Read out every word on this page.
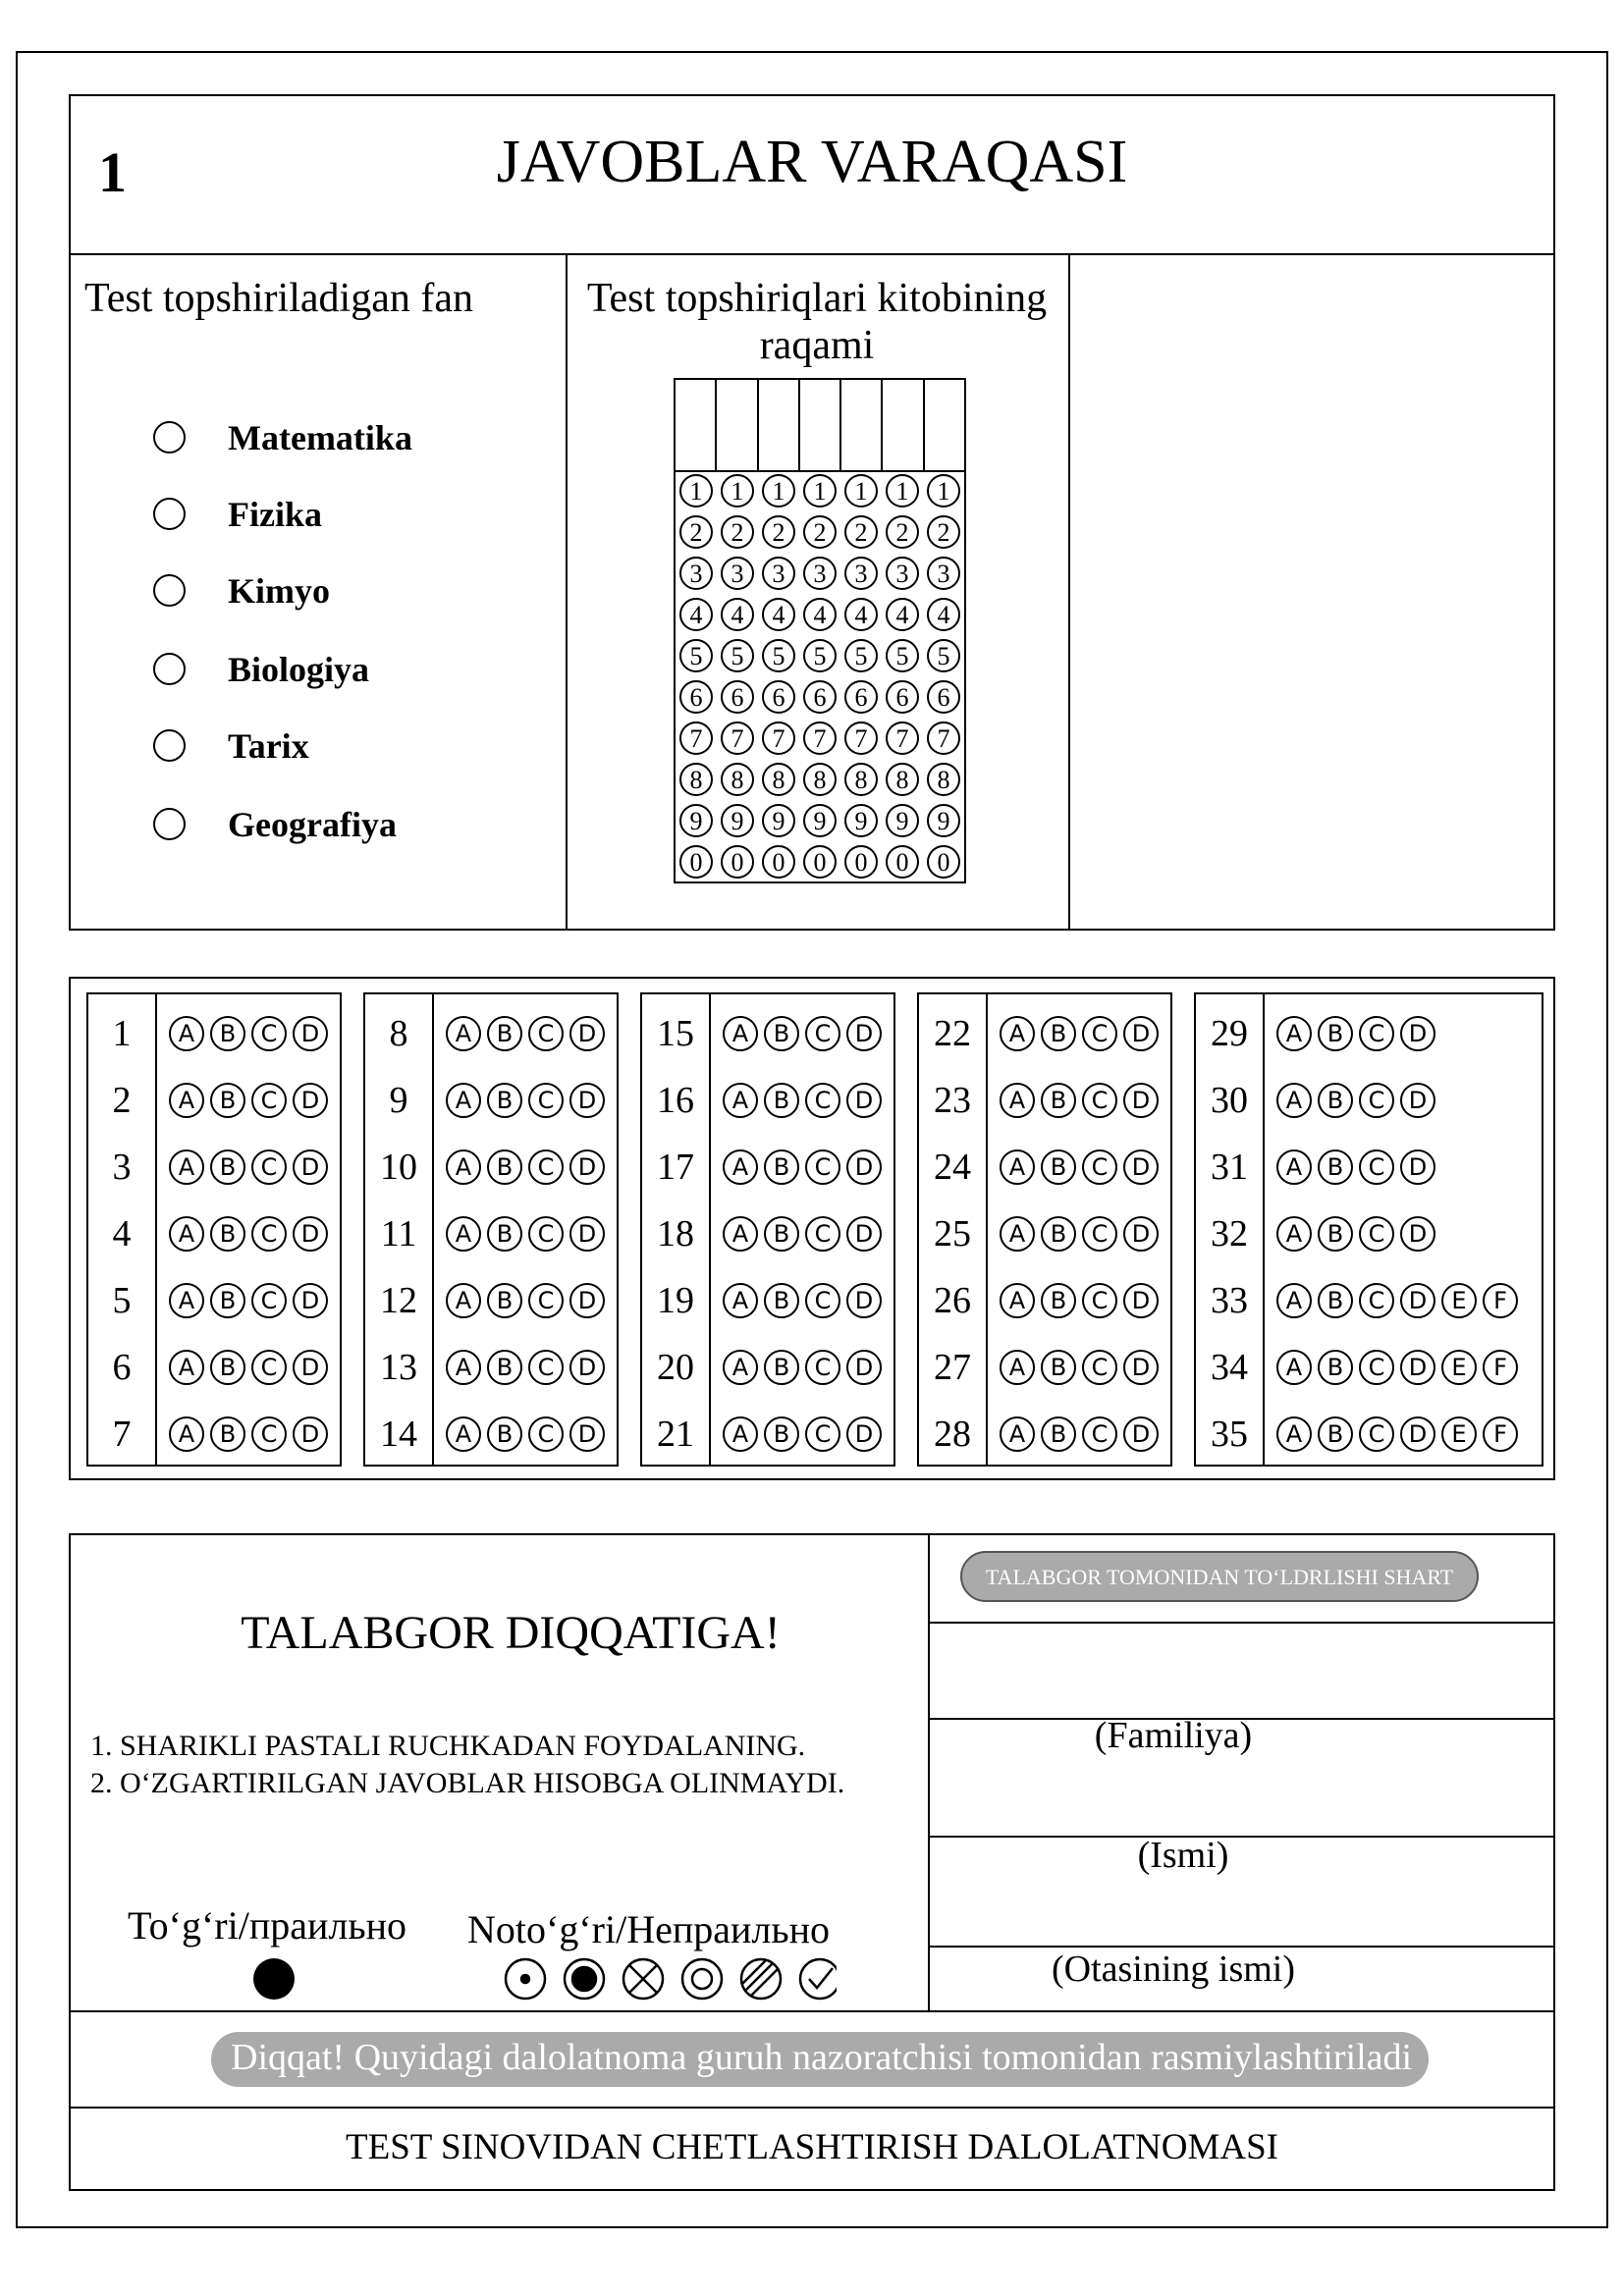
1	JAVOBLAR VARAQASI
Test topshiriladigan fan
Matematika
Fizika
Kimyo
Biologiya
Tarix
Geografiya
Test topshiriqlari kitobining raqami
1	1	1	1	1	1	1
2	2	2	2	2	2	2
3	3	3	3	3	3	3
4	4	4	4	4	4	4
5	5	5	5	5	5	5
6	6	6	6	6	6	6
7	7	7	7	7	7	7
8	8	8	8	8	8	8
9	9	9	9	9	9	9
0	0	0	0	0	0	0
1	A	B	C	D
2	A	B	C	D
3	A	B	C	D
4	A	B	C	D
5	A	B	C	D
6	A	B	C	D
7	A	B	C	D
8	A	B	C	D
9	A	B	C	D
10	A	B	C	D
11	A	B	C	D
12	A	B	C	D
13	A	B	C	D
14	A	B	C	D
15	A	B	C	D
16	A	B	C	D
17	A	B	C	D
18	A	B	C	D
19	A	B	C	D
20	A	B	C	D
21	A	B	C	D
22	A	B	C	D
23	A	B	C	D
24	A	B	C	D
25	A	B	C	D
26	A	B	C	D
27	A	B	C	D
28	A	B	C	D
29	A	B	C	D
30	A	B	C	D
31	A	B	C	D
32	A	B	C	D
33	A	B	C	D	E	F
34	A	B	C	D	E	F
35	A	B	C	D	E	F
TALABGOR DIQQATIGA!
1. SHARIKLI PASTALI RUCHKADAN FOYDALANING.
2. O‘ZGARTIRILGAN JAVOBLAR HISOBGA OLINMAYDI.
To‘g‘ri/праильно Noto‘g‘ri/Непраильно
TALABGOR TOMONIDAN TO‘LDRLISHI SHART
(Familiya)
(Ismi)
(Otasining ismi)
Diqqat! Quyidagi dalolatnoma guruh nazoratchisi tomonidan rasmiylashtiriladi
TEST SINOVIDAN CHETLASHTIRISH DALOLATNOMASI
